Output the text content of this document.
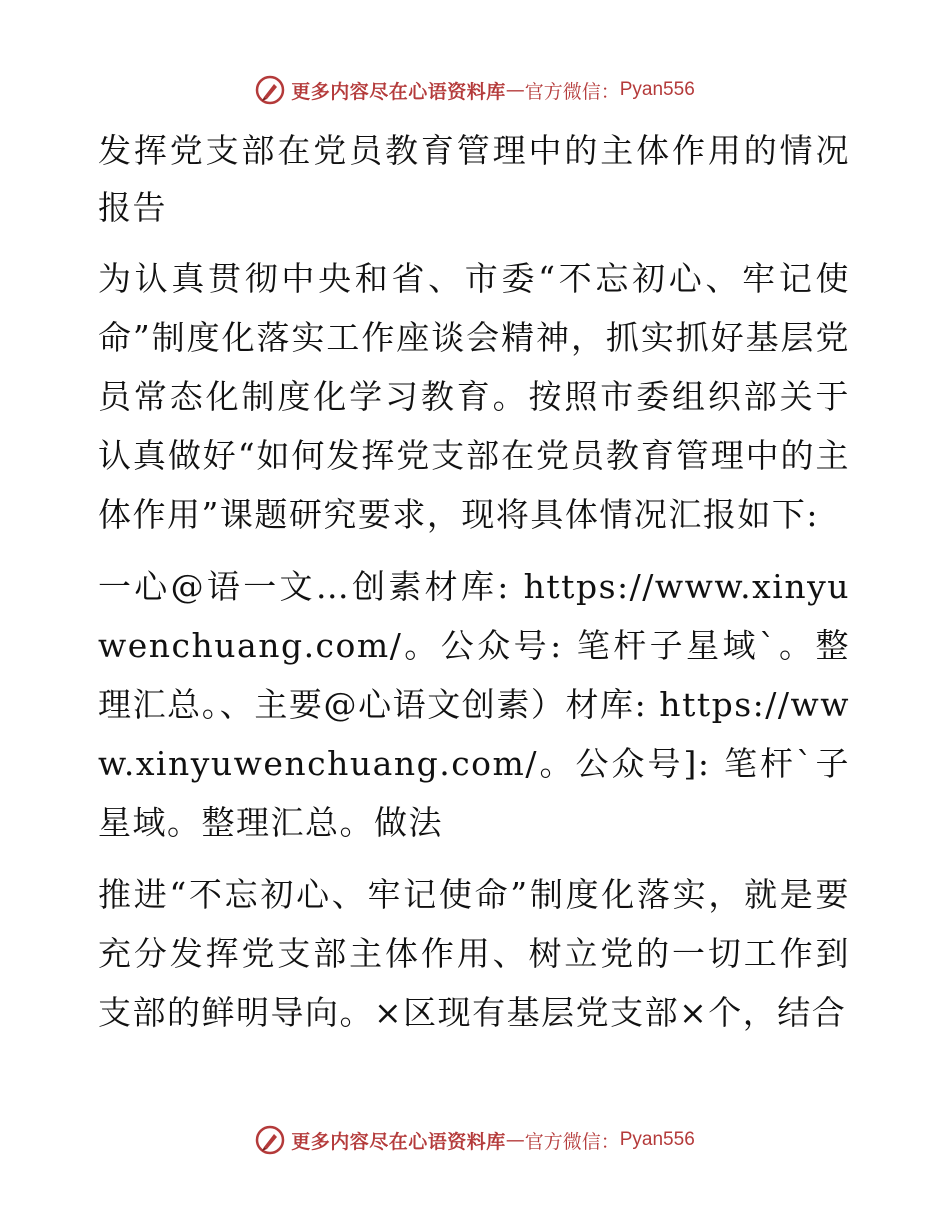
更多内容尽在心语资料库 — 官方微信： Pyan556

发挥党支部在党员教育管理中的主体作用的情况报告

为认真贯彻中央和省、市委“不忘初心、牢记使命”制度化落实工作座谈会精神，抓实抓好基层党员常态化制度化学习教育。按照市委组织部关于认真做好“如何发挥党支部在党员教育管理中的主体作用”课题研究要求，现将具体情况汇报如下:

一心@语一文…创素材库: https://www.xinyuwenchuang.com/。公众号: 笔杆子星域`。整理汇总。、主要@心语文创素）材库: https://www.xinyuwenchuang.com/。公众号]: 笔杆`子星域。整理汇总。做法

推进“不忘初心、牢记使命”制度化落实，就是要充分发挥党支部主体作用、树立党的一切工作到支部的鲜明导向。×区现有基层党支部×个，结合

更多内容尽在心语资料库 — 官方微信： Pyan556
